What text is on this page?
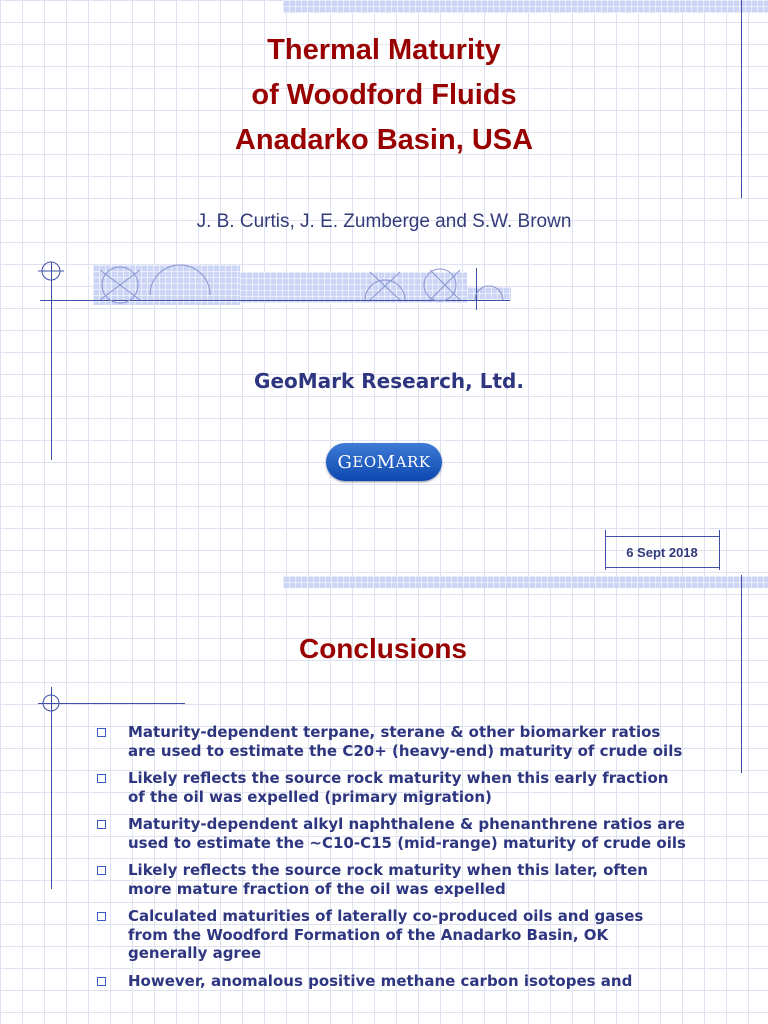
Thermal Maturity
of Woodford Fluids
Anadarko Basin, USA
J. B. Curtis, J. E. Zumberge and S.W. Brown
GeoMark Research, Ltd.
G EO M ARK
6 Sept 2018
Conclusions
Maturity-dependent terpane, sterane & other biomarker ratios are used to estimate the C20+ (heavy-end) maturity of crude oils
Likely reflects the source rock maturity when this early fraction of the oil was expelled (primary migration)
Maturity-dependent alkyl naphthalene & phenanthrene ratios are used to estimate the ~C10-C15 (mid-range) maturity of crude oils
Likely reflects the source rock maturity when this later, often more mature fraction of the oil was expelled
Calculated maturities of laterally co-produced oils and gases from the Woodford Formation of the Anadarko Basin, OK generally agree
However, anomalous positive methane carbon isotopes and
